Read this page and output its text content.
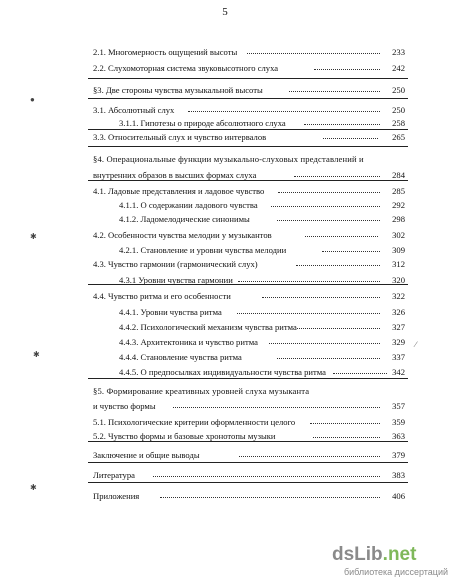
5
2.1. Многомерность ощущений высоты	233
2.2. Слухомоторная система звуковысотного слуха	242
§3. Две стороны чувства музыкальной высоты	250
3.1. Абсолютный слух	250
3.1.1. Гипотезы о природе абсолютного слуха	258
3.3. Относительный слух и чувство интервалов	265
§4. Операциональные функции музыкально-слуховых представлений и
внутренних образов в высших формах слуха	284
4.1. Ладовые представления и ладовое чувство	285
4.1.1. О содержании ладового чувства	292
4.1.2. Ладомелодические синонимы	298
4.2. Особенности чувства мелодии у музыкантов	302
4.2.1. Становление и уровни чувства мелодии	309
4.3. Чувство гармонии (гармонический слух)	312
4.3.1 Уровни чувства гармонии	320
4.4. Чувство ритма и его особенности	322
4.4.1. Уровни чувства ритма	326
4.4.2. Психологический механизм чувства ритма	327
4.4.3. Архитектоника и чувство ритма	329
4.4.4. Становление чувства ритма	337
4.4.5. О предпосылках индивидуальности чувства ритма	342
§5. Формирование креативных уровней слуха музыканта
и чувство формы	357
5.1. Психологические критерии оформленности целого	359
5.2. Чувство формы и базовые хронотопы музыки	363
Заключение и общие выводы	379
Литература	383
Приложения	406
●
✱
✱
✱
⁄
dsLib.net
библиотека диссертаций
